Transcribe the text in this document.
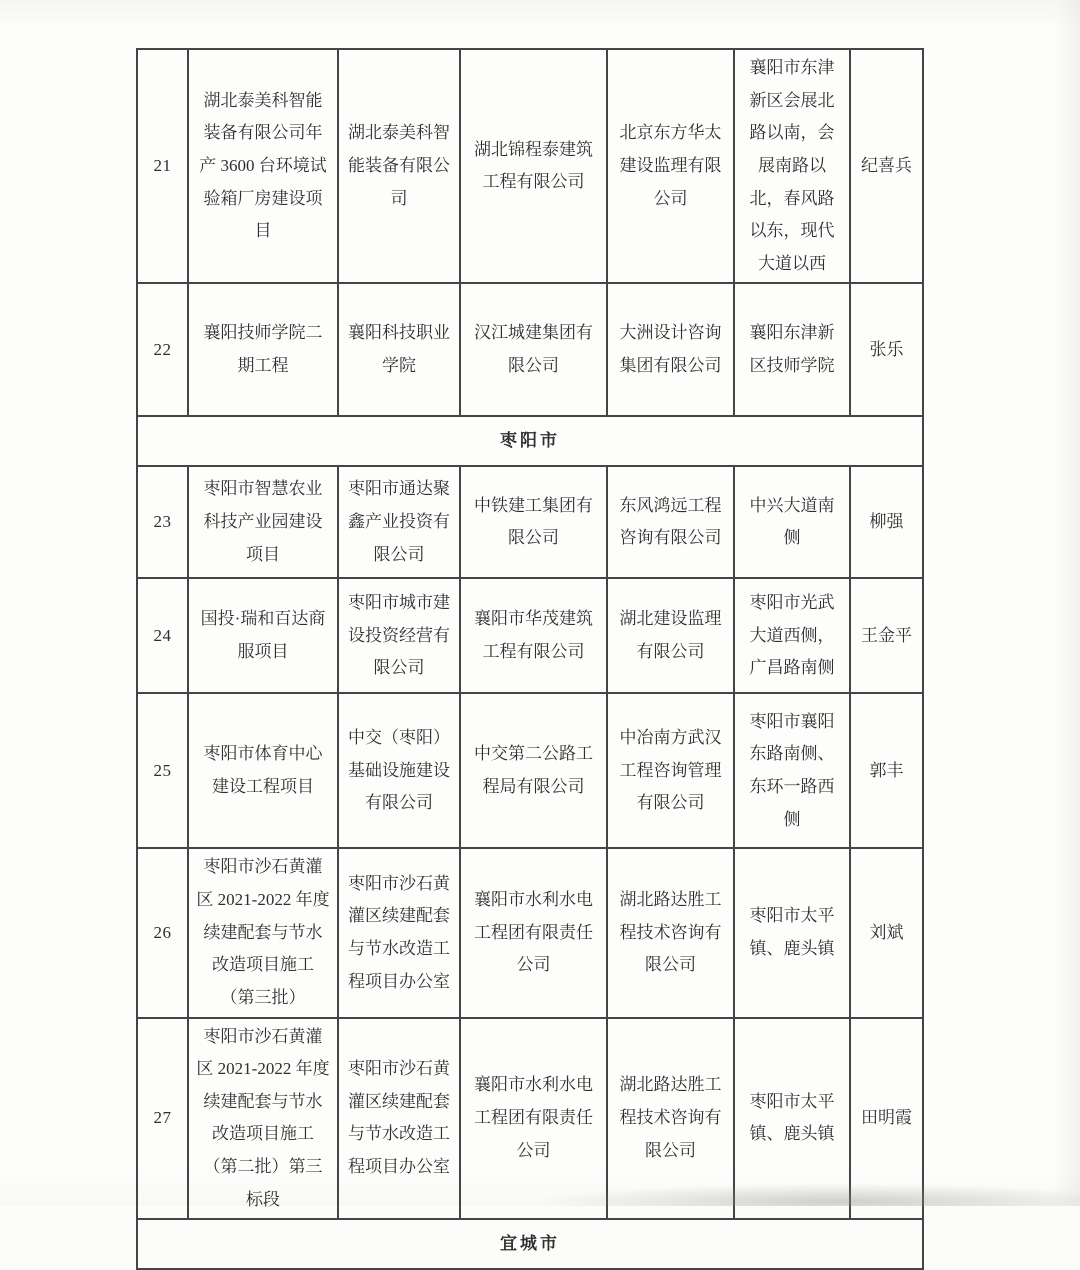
21	湖北泰美科智能装备有限公司年产 3600 台环境试验箱厂房建设项目	湖北泰美科智能装备有限公司	湖北锦程泰建筑工程有限公司	北京东方华太建设监理有限公司	襄阳市东津新区会展北路以南，会展南路以北，春风路以东，现代大道以西	纪喜兵
22	襄阳技师学院二期工程	襄阳科技职业学院	汉江城建集团有限公司	大洲设计咨询集团有限公司	襄阳东津新区技师学院	张乐
枣阳市						
23	枣阳市智慧农业科技产业园建设项目	枣阳市通达聚鑫产业投资有限公司	中铁建工集团有限公司	东风鸿远工程咨询有限公司	中兴大道南侧	柳强
24	国投·瑞和百达商服项目	枣阳市城市建设投资经营有限公司	襄阳市华茂建筑工程有限公司	湖北建设监理有限公司	枣阳市光武大道西侧，广昌路南侧	王金平
25	枣阳市体育中心建设工程项目	中交（枣阳）基础设施建设有限公司	中交第二公路工程局有限公司	中冶南方武汉工程咨询管理有限公司	枣阳市襄阳东路南侧、东环一路西侧	郭丰
26	枣阳市沙石黄灌区 2021-2022 年度续建配套与节水改造项目施工（第三批）	枣阳市沙石黄灌区续建配套与节水改造工程项目办公室	襄阳市水利水电工程团有限责任公司	湖北路达胜工程技术咨询有限公司	枣阳市太平镇、鹿头镇	刘斌
27	枣阳市沙石黄灌区 2021-2022 年度续建配套与节水改造项目施工（第二批）第三标段	枣阳市沙石黄灌区续建配套与节水改造工程项目办公室	襄阳市水利水电工程团有限责任公司	湖北路达胜工程技术咨询有限公司	枣阳市太平镇、鹿头镇	田明霞
宜城市						
